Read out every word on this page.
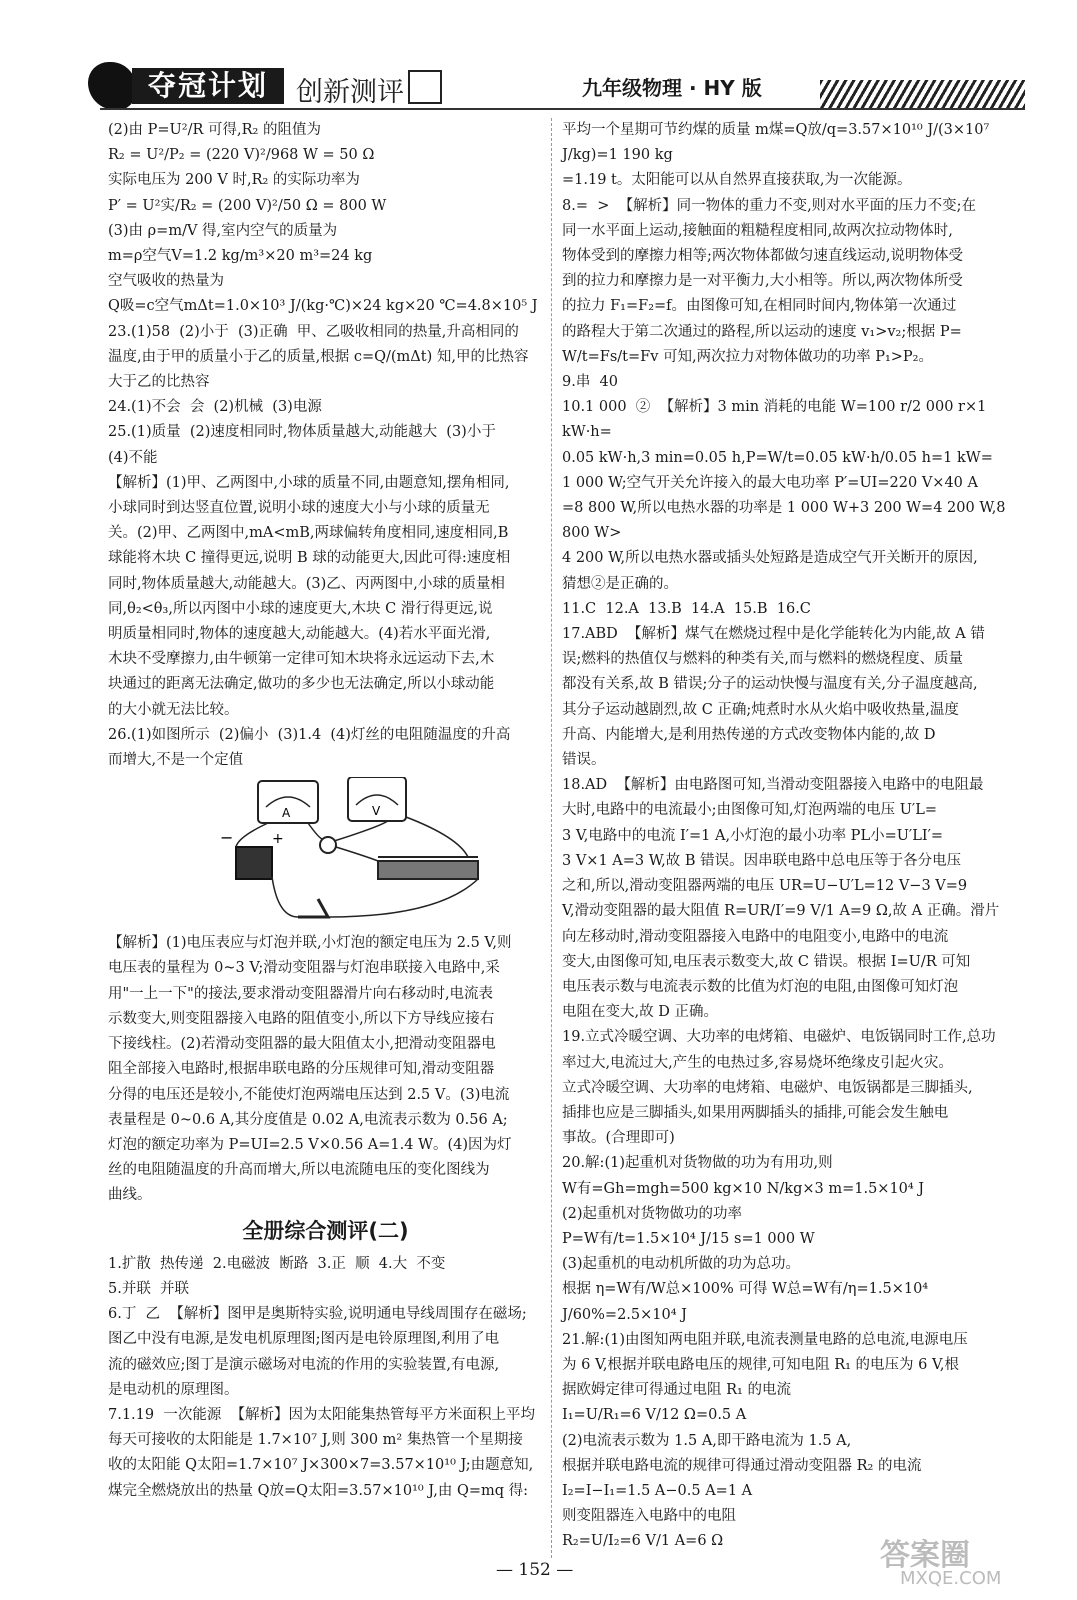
夺冠计划	创新测评	九年级物理 · HY 版

(2)由 P=U²/R 可得,R₂ 的阻值为

R₂ = U²/P₂ = (220 V)²/968 W = 50 Ω

实际电压为 200 V 时,R₂ 的实际功率为

P′ = U²实/R₂ = (200 V)²/50 Ω = 800 W

(3)由 ρ=m/V 得,室内空气的质量为

m=ρ空气V=1.2 kg/m³×20 m³=24 kg

空气吸收的热量为

Q吸=c空气mΔt=1.0×10³ J/(kg·℃)×24 kg×20 ℃=4.8×10⁵ J

23.(1)58  (2)小于  (3)正确  甲、乙吸收相同的热量,升高相同的

温度,由于甲的质量小于乙的质量,根据 c=Q/(mΔt) 知,甲的比热容

大于乙的比热容

24.(1)不会  会  (2)机械  (3)电源

25.(1)质量  (2)速度相同时,物体质量越大,动能越大  (3)小于

(4)不能

【解析】(1)甲、乙两图中,小球的质量不同,由题意知,摆角相同,

小球同时到达竖直位置,说明小球的速度大小与小球的质量无

关。(2)甲、乙两图中,mA<mB,两球偏转角度相同,速度相同,B

球能将木块 C 撞得更远,说明 B 球的动能更大,因此可得:速度相

同时,物体质量越大,动能越大。(3)乙、丙两图中,小球的质量相

同,θ₂<θ₃,所以丙图中小球的速度更大,木块 C 滑行得更远,说

明质量相同时,物体的速度越大,动能越大。(4)若水平面光滑,

木块不受摩擦力,由牛顿第一定律可知木块将永远运动下去,木

块通过的距离无法确定,做功的多少也无法确定,所以小球动能

的大小就无法比较。

26.(1)如图所示  (2)偏小  (3)1.4  (4)灯丝的电阻随温度的升高

而增大,不是一个定值

A	V
−	+

【解析】(1)电压表应与灯泡并联,小灯泡的额定电压为 2.5 V,则

电压表的量程为 0~3 V;滑动变阻器与灯泡串联接入电路中,采

用"一上一下"的接法,要求滑动变阻器滑片向右移动时,电流表

示数变大,则变阻器接入电路的阻值变小,所以下方导线应接右

下接线柱。(2)若滑动变阻器的最大阻值太小,把滑动变阻器电

阻全部接入电路时,根据串联电路的分压规律可知,滑动变阻器

分得的电压还是较小,不能使灯泡两端电压达到 2.5 V。(3)电流

表量程是 0~0.6 A,其分度值是 0.02 A,电流表示数为 0.56 A;

灯泡的额定功率为 P=UI=2.5 V×0.56 A=1.4 W。(4)因为灯

丝的电阻随温度的升高而增大,所以电流随电压的变化图线为

曲线。

全册综合测评(二)

1.扩散  热传递  2.电磁波  断路  3.正  顺  4.大  不变

5.并联  并联

6.丁  乙  【解析】图甲是奥斯特实验,说明通电导线周围存在磁场;

图乙中没有电源,是发电机原理图;图丙是电铃原理图,利用了电

流的磁效应;图丁是演示磁场对电流的作用的实验装置,有电源,

是电动机的原理图。

7.1.19  一次能源  【解析】因为太阳能集热管每平方米面积上平均

每天可接收的太阳能是 1.7×10⁷ J,则 300 m² 集热管一个星期接

收的太阳能 Q太阳=1.7×10⁷ J×300×7=3.57×10¹⁰ J;由题意知,

煤完全燃烧放出的热量 Q放=Q太阳=3.57×10¹⁰ J,由 Q=mq 得:

平均一个星期可节约煤的质量 m煤=Q放/q=3.57×10¹⁰ J/(3×10⁷ J/kg)=1 190 kg

=1.19 t。太阳能可以从自然界直接获取,为一次能源。

8.=  >  【解析】同一物体的重力不变,则对水平面的压力不变;在

同一水平面上运动,接触面的粗糙程度相同,故两次拉动物体时,

物体受到的摩擦力相等;两次物体都做匀速直线运动,说明物体受

到的拉力和摩擦力是一对平衡力,大小相等。所以,两次物体所受

的拉力 F₁=F₂=f。由图像可知,在相同时间内,物体第一次通过

的路程大于第二次通过的路程,所以运动的速度 v₁>v₂;根据 P=

W/t=Fs/t=Fv 可知,两次拉力对物体做功的功率 P₁>P₂。

9.串  40

10.1 000  ②  【解析】3 min 消耗的电能 W=100 r/2 000 r×1 kW·h=

0.05 kW·h,3 min=0.05 h,P=W/t=0.05 kW·h/0.05 h=1 kW=

1 000 W;空气开关允许接入的最大电功率 P′=UI=220 V×40 A

=8 800 W,所以电热水器的功率是 1 000 W+3 200 W=4 200 W,8 800 W>

4 200 W,所以电热水器或插头处短路是造成空气开关断开的原因,

猜想②是正确的。

11.C  12.A  13.B  14.A  15.B  16.C

17.ABD  【解析】煤气在燃烧过程中是化学能转化为内能,故 A 错

误;燃料的热值仅与燃料的种类有关,而与燃料的燃烧程度、质量

都没有关系,故 B 错误;分子的运动快慢与温度有关,分子温度越高,

其分子运动越剧烈,故 C 正确;炖煮时水从火焰中吸收热量,温度

升高、内能增大,是利用热传递的方式改变物体内能的,故 D

错误。

18.AD  【解析】由电路图可知,当滑动变阻器接入电路中的电阻最

大时,电路中的电流最小;由图像可知,灯泡两端的电压 U′L=

3 V,电路中的电流 I′=1 A,小灯泡的最小功率 PL小=U′LI′=

3 V×1 A=3 W,故 B 错误。因串联电路中总电压等于各分电压

之和,所以,滑动变阻器两端的电压 UR=U−U′L=12 V−3 V=9

V,滑动变阻器的最大阻值 R=UR/I′=9 V/1 A=9 Ω,故 A 正确。滑片

向左移动时,滑动变阻器接入电路中的电阻变小,电路中的电流

变大,由图像可知,电压表示数变大,故 C 错误。根据 I=U/R 可知

电压表示数与电流表示数的比值为灯泡的电阻,由图像可知灯泡

电阻在变大,故 D 正确。

19.立式冷暖空调、大功率的电烤箱、电磁炉、电饭锅同时工作,总功

率过大,电流过大,产生的电热过多,容易烧坏绝缘皮引起火灾。

立式冷暖空调、大功率的电烤箱、电磁炉、电饭锅都是三脚插头,

插排也应是三脚插头,如果用两脚插头的插排,可能会发生触电

事故。(合理即可)

20.解:(1)起重机对货物做的功为有用功,则

W有=Gh=mgh=500 kg×10 N/kg×3 m=1.5×10⁴ J

(2)起重机对货物做功的功率

P=W有/t=1.5×10⁴ J/15 s=1 000 W

(3)起重机的电动机所做的功为总功。

根据 η=W有/W总×100% 可得 W总=W有/η=1.5×10⁴ J/60%=2.5×10⁴ J

21.解:(1)由图知两电阻并联,电流表测量电路的总电流,电源电压

为 6 V,根据并联电路电压的规律,可知电阻 R₁ 的电压为 6 V,根

据欧姆定律可得通过电阻 R₁ 的电流

I₁=U/R₁=6 V/12 Ω=0.5 A

(2)电流表示数为 1.5 A,即干路电流为 1.5 A,

根据并联电路电流的规律可得通过滑动变阻器 R₂ 的电流

I₂=I−I₁=1.5 A−0.5 A=1 A

则变阻器连入电路中的电阻

R₂=U/I₂=6 V/1 A=6 Ω

— 152 —	答案圈
MXQE.COM
